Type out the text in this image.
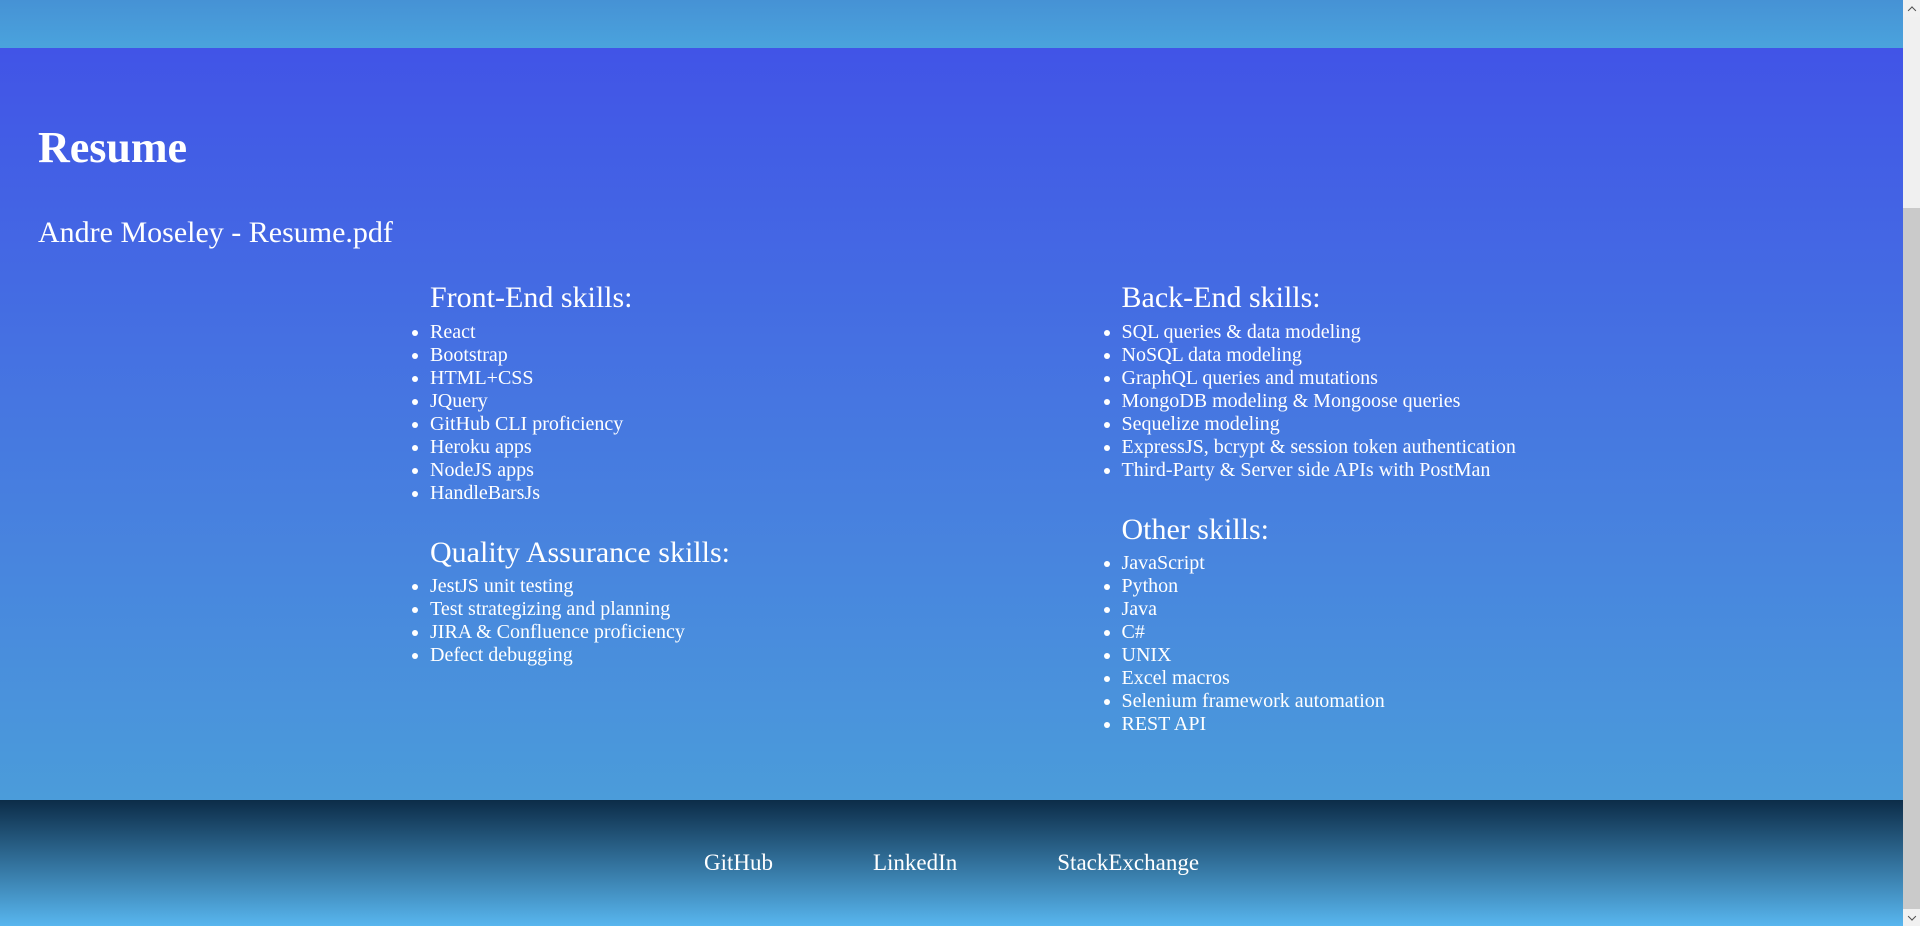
Resume
Andre Moseley - Resume.pdf
Front-End skills:
• React
• Bootstrap
• HTML+CSS
• JQuery
• GitHub CLI proficiency
• Heroku apps
• NodeJS apps
• HandleBarsJs
Quality Assurance skills:
• JestJS unit testing
• Test strategizing and planning
• JIRA & Confluence proficiency
• Defect debugging
Back-End skills:
• SQL queries & data modeling
• NoSQL data modeling
• GraphQL queries and mutations
• MongoDB modeling & Mongoose queries
• Sequelize modeling
• ExpressJS, bcrypt & session token authentication
• Third-Party & Server side APIs with PostMan
Other skills:
• JavaScript
• Python
• Java
• C#
• UNIX
• Excel macros
• Selenium framework automation
• REST API
GitHub	LinkedIn	StackExchange
